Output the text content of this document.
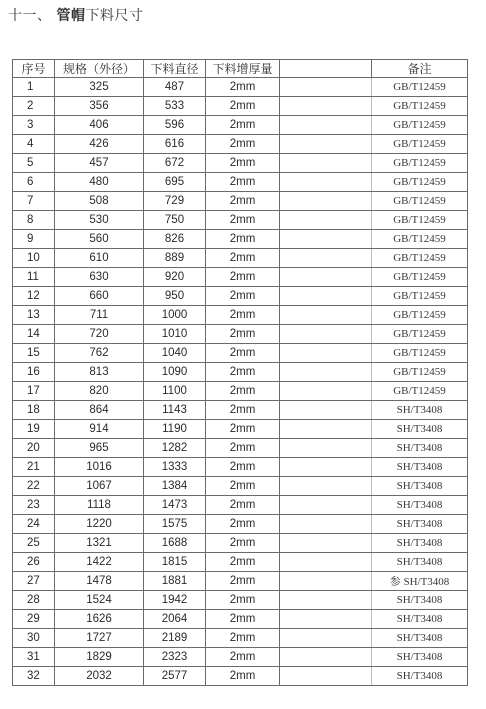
十一、 管帽下料尺寸
序号	规格（外径）	下料直径	下料增厚量		备注
1	325	487	2mm		GB/T12459
2	356	533	2mm		GB/T12459
3	406	596	2mm		GB/T12459
4	426	616	2mm		GB/T12459
5	457	672	2mm		GB/T12459
6	480	695	2mm		GB/T12459
7	508	729	2mm		GB/T12459
8	530	750	2mm		GB/T12459
9	560	826	2mm		GB/T12459
10	610	889	2mm		GB/T12459
11	630	920	2mm		GB/T12459
12	660	950	2mm		GB/T12459
13	711	1000	2mm		GB/T12459
14	720	1010	2mm		GB/T12459
15	762	1040	2mm		GB/T12459
16	813	1090	2mm		GB/T12459
17	820	1100	2mm		GB/T12459
18	864	1143	2mm		SH/T3408
19	914	1190	2mm		SH/T3408
20	965	1282	2mm		SH/T3408
21	1016	1333	2mm		SH/T3408
22	1067	1384	2mm		SH/T3408
23	1118	1473	2mm		SH/T3408
24	1220	1575	2mm		SH/T3408
25	1321	1688	2mm		SH/T3408
26	1422	1815	2mm		SH/T3408
27	1478	1881	2mm		参 SH/T3408
28	1524	1942	2mm		SH/T3408
29	1626	2064	2mm		SH/T3408
30	1727	2189	2mm		SH/T3408
31	1829	2323	2mm		SH/T3408
32	2032	2577	2mm		SH/T3408
